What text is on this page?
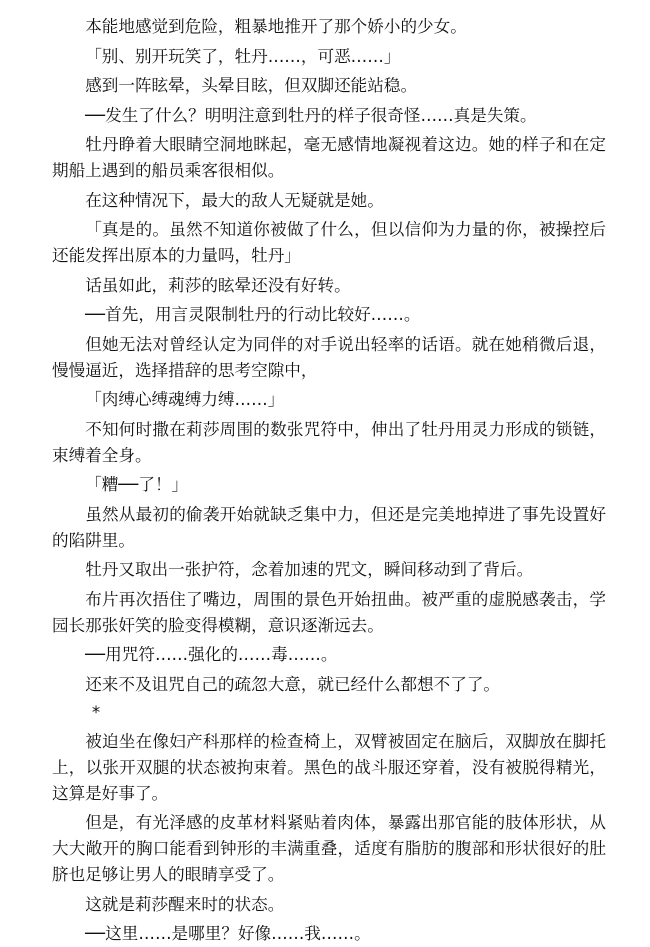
本能地感觉到危险，粗暴地推开了那个娇小的少女。

「别、别开玩笑了，牡丹……，可恶……」

感到一阵眩晕，头晕目眩，但双脚还能站稳。

──发生了什么？明明注意到牡丹的样子很奇怪……真是失策。

牡丹睁着大眼睛空洞地眯起，毫无感情地凝视着这边。她的样子和在定期船上遇到的船员乘客很相似。

在这种情况下，最大的敌人无疑就是她。

「真是的。虽然不知道你被做了什么，但以信仰为力量的你，被操控后还能发挥出原本的力量吗，牡丹」

话虽如此，莉莎的眩晕还没有好转。

──首先，用言灵限制牡丹的行动比较好……。

但她无法对曾经认定为同伴的对手说出轻率的话语。就在她稍微后退，慢慢逼近，选择措辞的思考空隙中，

「肉缚心缚魂缚力缚……」

不知何时撒在莉莎周围的数张咒符中，伸出了牡丹用灵力形成的锁链，束缚着全身。

「糟──了！」

虽然从最初的偷袭开始就缺乏集中力，但还是完美地掉进了事先设置好的陷阱里。

牡丹又取出一张护符，念着加速的咒文，瞬间移动到了背后。

布片再次捂住了嘴边，周围的景色开始扭曲。被严重的虚脱感袭击，学园长那张奸笑的脸变得模糊，意识逐渐远去。

──用咒符……强化的……毒……。

还来不及诅咒自己的疏忽大意，就已经什么都想不了了。

*

被迫坐在像妇产科那样的检查椅上，双臂被固定在脑后，双脚放在脚托上，以张开双腿的状态被拘束着。黑色的战斗服还穿着，没有被脱得精光，这算是好事了。

但是，有光泽感的皮革材料紧贴着肉体，暴露出那官能的肢体形状，从大大敞开的胸口能看到钟形的丰满重叠，适度有脂肪的腹部和形状很好的肚脐也足够让男人的眼睛享受了。

这就是莉莎醒来时的状态。

──这里……是哪里？好像……我……。
